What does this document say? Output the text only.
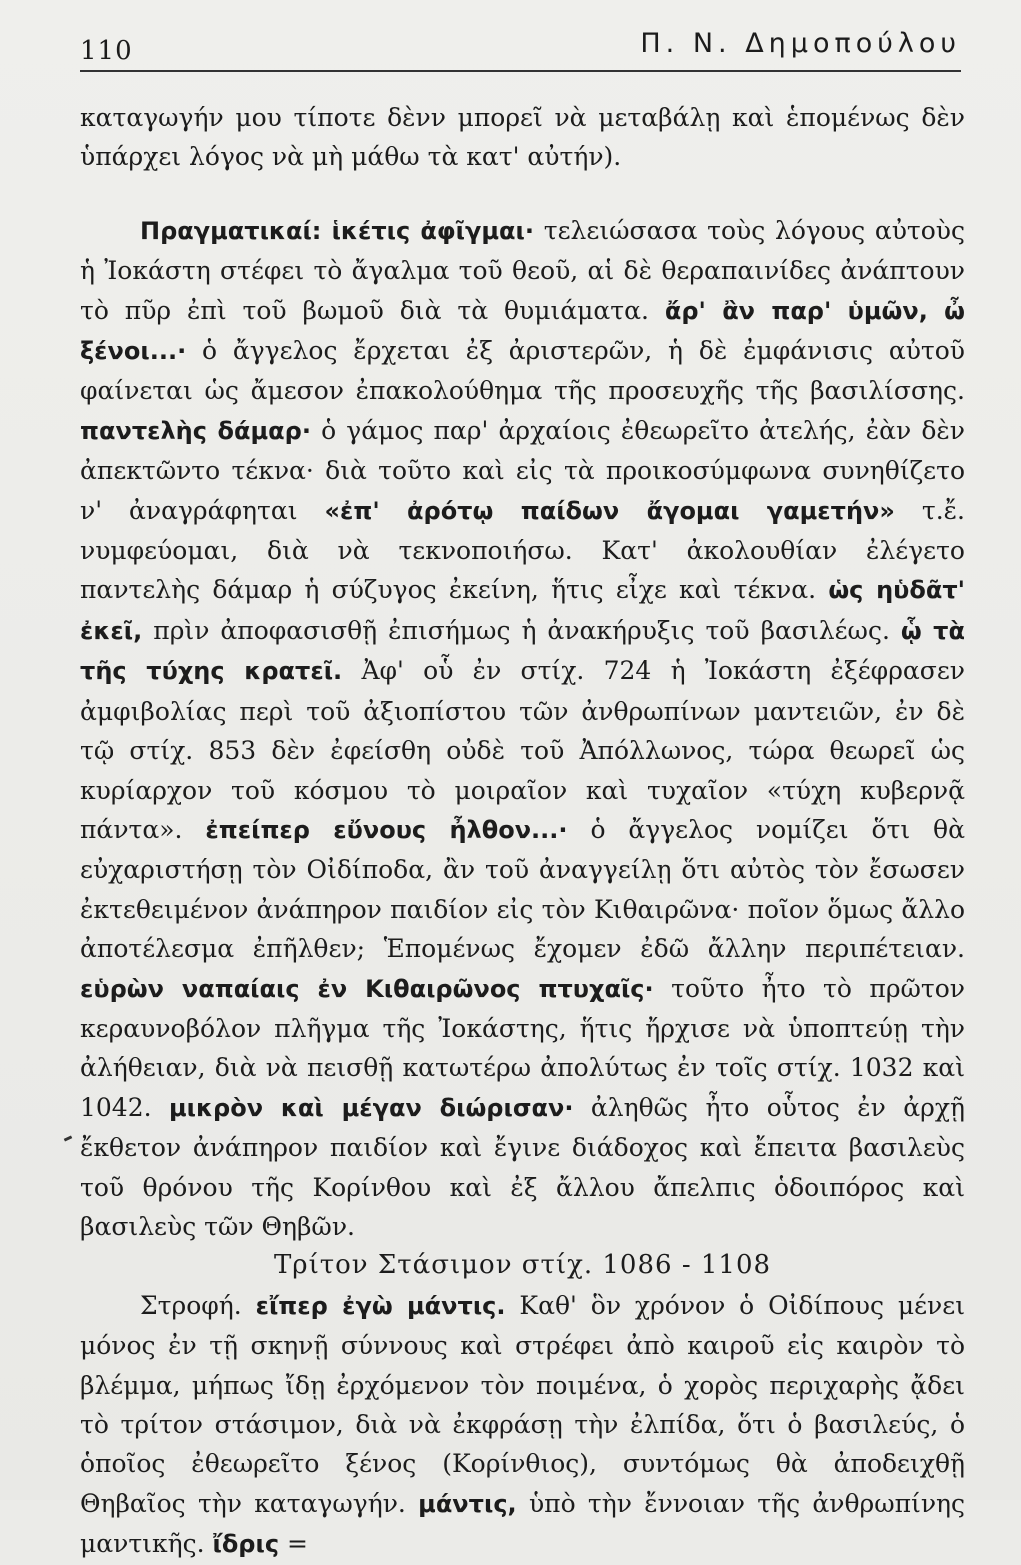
110	Π. Ν. Δημοπούλου

καταγωγήν μου τίποτε δὲνν μπορεῖ νὰ μεταβάλῃ καὶ ἑπομένως δὲν ὑπάρχει λόγος νὰ μὴ μάθω τὰ κατ' αὐτήν).

Πραγματικαί: ἱκέτις ἀφῖγμαι· τελειώσασα τοὺς λόγους αὐτοὺς ἡ Ἰοκάστη στέφει τὸ ἄγαλμα τοῦ θεοῦ, αἱ δὲ θεραπαινίδες ἀνάπτουν τὸ πῦρ ἐπὶ τοῦ βωμοῦ διὰ τὰ θυμιάματα. ἄρ' ἂν παρ' ὑμῶν, ὦ ξένοι...· ὁ ἄγγελος ἔρχεται ἐξ ἀριστερῶν, ἡ δὲ ἐμφάνισις αὐτοῦ φαίνεται ὡς ἄμεσον ἐπακολούθημα τῆς προσευχῆς τῆς βασιλίσσης. παντελὴς δάμαρ· ὁ γάμος παρ' ἀρχαίοις ἐθεωρεῖτο ἀτελής, ἐὰν δὲν ἀπεκτῶντο τέκνα· διὰ τοῦτο καὶ εἰς τὰ προικοσύμφωνα συνηθίζετο ν' ἀναγράφηται «ἐπ' ἀρότῳ παίδων ἄγομαι γαμετήν» τ.ἔ. νυμφεύομαι, διὰ νὰ τεκνοποιήσω. Κατ' ἀκολουθίαν ἐλέγετο παντελὴς δάμαρ ἡ σύζυγος ἐκείνη, ἥτις εἶχε καὶ τέκνα. ὡς ηὑδᾶτ' ἐκεῖ, πρὶν ἀποφασισθῇ ἐπισήμως ἡ ἀνακήρυξις τοῦ βασιλέως. ᾧ τὰ τῆς τύχης κρατεῖ. Ἀφ' οὗ ἐν στίχ. 724 ἡ Ἰοκάστη ἐξέφρασεν ἀμφιβολίας περὶ τοῦ ἀξιοπίστου τῶν ἀνθρωπίνων μαντειῶν, ἐν δὲ τῷ στίχ. 853 δὲν ἐφείσθη οὐδὲ τοῦ Ἀπόλλωνος, τώρα θεωρεῖ ὡς κυρίαρχον τοῦ κόσμου τὸ μοιραῖον καὶ τυχαῖον «τύχη κυβερνᾷ πάντα». ἐπείπερ εὔνους ἦλθον...· ὁ ἄγγελος νομίζει ὅτι θὰ εὐχαριστήσῃ τὸν Οἰδίποδα, ἂν τοῦ ἀναγγείλῃ ὅτι αὐτὸς τὸν ἔσωσεν ἐκτεθειμένον ἀνάπηρον παιδίον εἰς τὸν Κιθαιρῶνα· ποῖον ὅμως ἄλλο ἀποτέλεσμα ἐπῆλθεν; Ἑπομένως ἔχομεν ἐδῶ ἄλλην περιπέτειαν. εὑρὼν ναπαίαις ἐν Κιθαιρῶνος πτυχαῖς· τοῦτο ἦτο τὸ πρῶτον κεραυνοβόλον πλῆγμα τῆς Ἰοκάστης, ἥτις ἤρχισε νὰ ὑποπτεύῃ τὴν ἀλήθειαν, διὰ νὰ πεισθῇ κατωτέρω ἀπολύτως ἐν τοῖς στίχ. 1032 καὶ 1042. μικρὸν καὶ μέγαν διώρισαν· ἀληθῶς ἦτο οὗτος ἐν ἀρχῇ ἔκθετον ἀνάπηρον παιδίον καὶ ἔγινε διάδοχος καὶ ἔπειτα βασιλεὺς τοῦ θρόνου τῆς Κορίνθου καὶ ἐξ ἄλλου ἄπελπις ὁδοιπόρος καὶ βασιλεὺς τῶν Θηβῶν.

Τρίτον Στάσιμον στίχ. 1086 - 1108

Στροφή. εἴπερ ἐγὼ μάντις. Καθ' ὃν χρόνον ὁ Οἰδίπους μένει μόνος ἐν τῇ σκηνῇ σύννους καὶ στρέφει ἀπὸ καιροῦ εἰς καιρὸν τὸ βλέμμα, μήπως ἴδῃ ἐρχόμενον τὸν ποιμένα, ὁ χορὸς περιχαρὴς ᾄδει τὸ τρίτον στάσιμον, διὰ νὰ ἐκφράσῃ τὴν ἐλπίδα, ὅτι ὁ βασιλεύς, ὁ ὁποῖος ἐθεωρεῖτο ξένος (Κορίνθιος), συντόμως θὰ ἀποδειχθῇ Θηβαῖος τὴν καταγωγήν. μάντις, ὑπὸ τὴν ἔννοιαν τῆς ἀνθρωπίνης μαντικῆς. ἴδρις =
